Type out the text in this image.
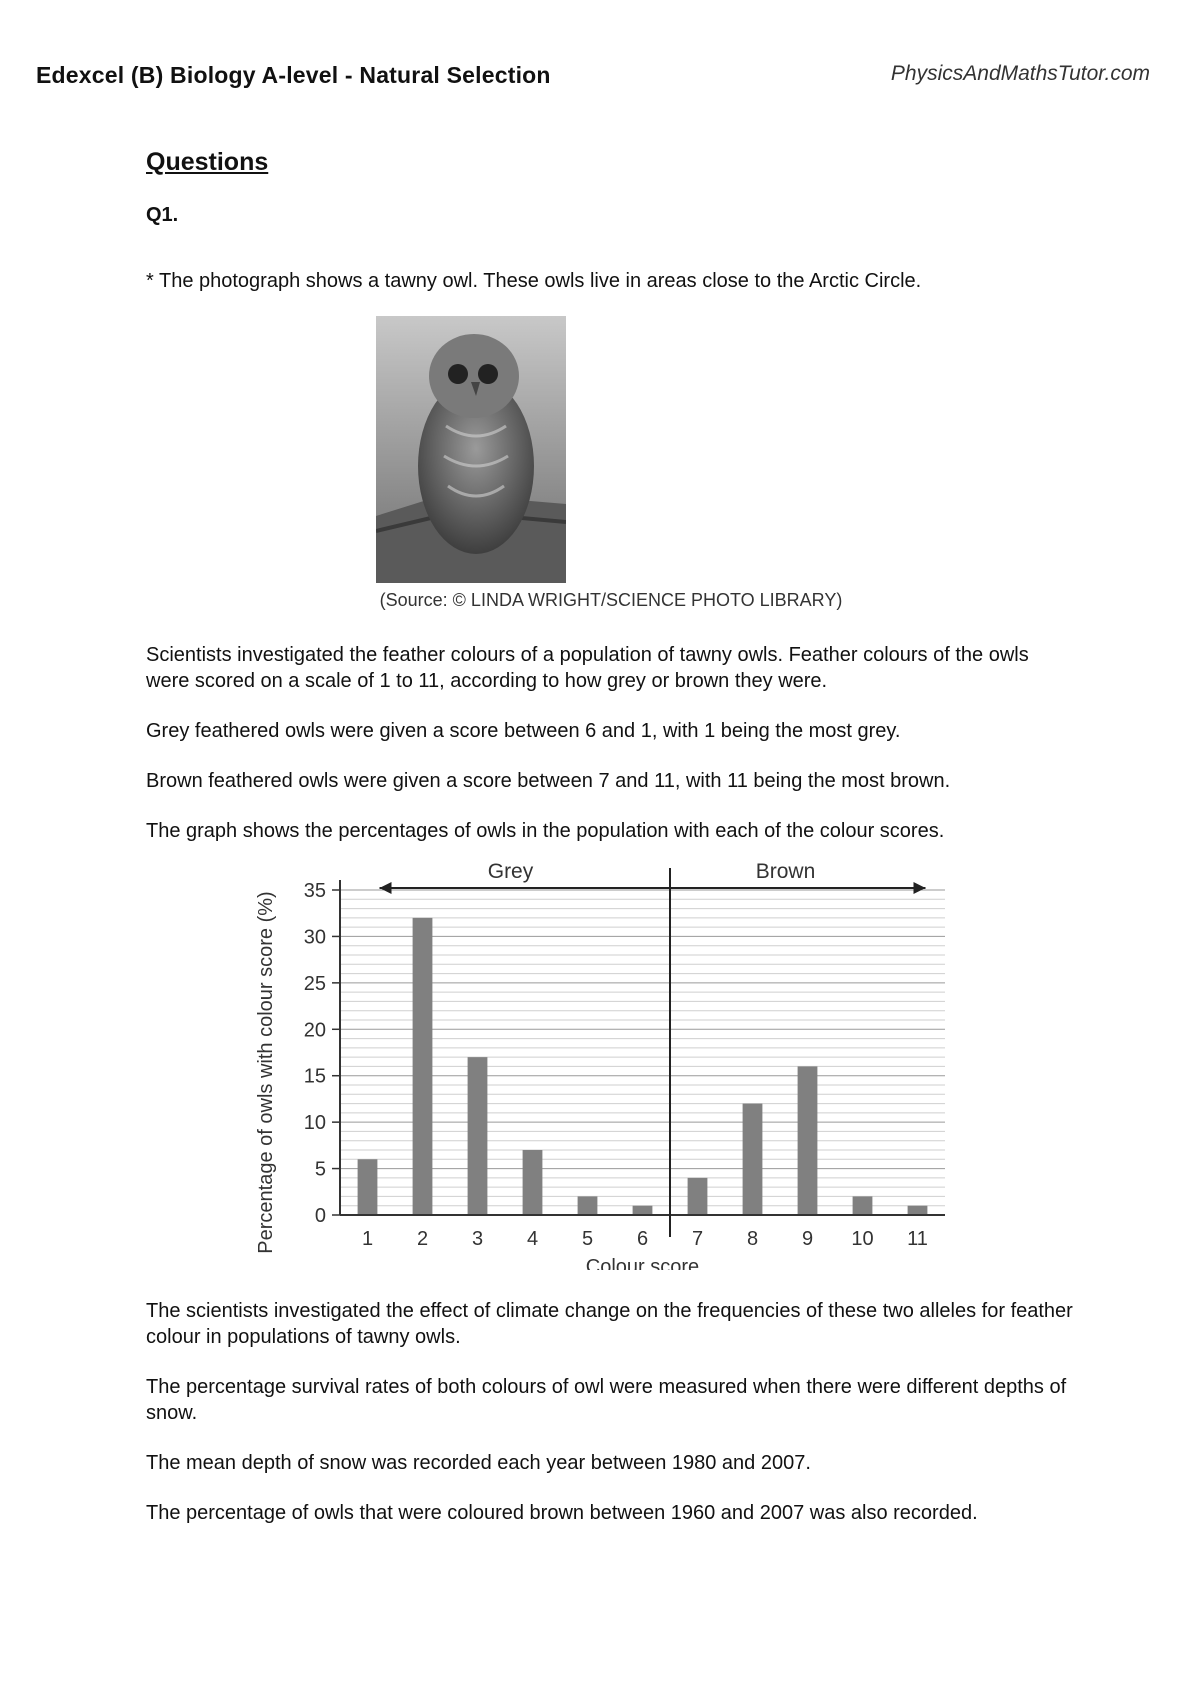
Edexcel (B) Biology A-level - Natural Selection	PhysicsAndMathsTutor.com
Questions
Q1.
* The photograph shows a tawny owl. These owls live in areas close to the Arctic Circle.
(Source: © LINDA WRIGHT/SCIENCE PHOTO LIBRARY)
Scientists investigated the feather colours of a population of tawny owls. Feather colours of the owls were scored on a scale of 1 to 11, according to how grey or brown they were.
Grey feathered owls were given a score between 6 and 1, with 1 being the most grey.
Brown feathered owls were given a score between 7 and 11, with 11 being the most brown.
The graph shows the percentages of owls in the population with each of the colour scores.
0
5
10
15
20
25
30
35
1 2 3 4 5 6 7 8 9 10 11
Colour score
Percentage of owls with colour score (%)
Grey	Brown
The scientists investigated the effect of climate change on the frequencies of these two alleles for feather colour in populations of tawny owls.
The percentage survival rates of both colours of owl were measured when there were different depths of snow.
The mean depth of snow was recorded each year between 1980 and 2007.
The percentage of owls that were coloured brown between 1960 and 2007 was also recorded.
